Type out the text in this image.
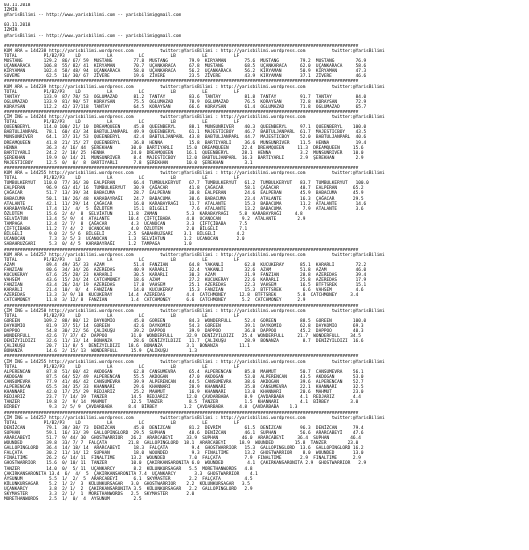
03.11.2018
İZMİR
@YarisBilimi -- http://www.yarisbilimi.com -- yarisbilimi@gmail.com
03.11.2018
İZMİR
@YarisBilimi -- http://www.yarisbilimi.com -- yarisbilimi@gmail.com
######################################################################################################################################
KUM ARA = 144238 http://yarisbilimi.wordpress.com          twitter:@YarisBilimi : http://yarisbilimi.wordpress.com          twitter:@YarisBilimi
TOTAL          P1/B2/P3    LD          LA          LC          LB          LE          LF
MUSTANG        129.2  86/ 67/ 59  MUSTANG        77.8  MUSTANG        79.9  KIRYAMAN       75.6  MUSTANG        79.2  MUSTANG        76.9
UÇANKARACA     106.8  55/ 82/ 41  KIRYAMAN       70.7  UÇANKARACA     67.8  MUSTANG        68.5  UÇANKARACA     62.0  UÇANKARACA     58.6
KIRYAMAN       102.4  58/ 48/ 94  UÇANKARACA     58.0  UÇANKARACA     56.2  UÇANKARACA     56.2  KIRYAMAN       50.9  KIRYAMAN       47.3
SUVEME          62.5  16/ 30/ 67  ZİVERE         19.6  ZİVERE         23.5  ZİVERE         43.9  KIRYAMAN       37.1  ZİVERE         46.6
######################################################################################################################################
KUM ARA = 144239 http://yarisbilimi.wordpress.com          twitter:@YarisBilimi : http://yarisbilimi.wordpress.com          twitter:@YarisBilimi
TOTAL          P1/B2/P3    LD          LA          LC          LB          LE          LF
TANTAY         133.9  87/ 78/ 53  OGLUMAZAD      81.2  TANTAY         83.6  TANTAY         81.8  TANTAY         91.7  TANTAY         84.0
OGLUMAZAD      133.9  81/ 90/ 57  KORAYSAN       75.5  OGLUMAZAD      78.9  OGLUMAZAD      76.5  KORAYSAN       72.8  KORAYSAN       72.9
KORAYSAN       112.2  42/ 37/118  TANTAY         64.5  KORAYSAN       66.6  KORAYSAN       61.4  OGLUMAZAD      71.8  OGLUMAZAD      65.7
######################################################################################################################################
ÇİM İNG = 144244 http://yarisbilimi.wordpress.com          twitter:@YarisBilimi : http://yarisbilimi.wordpress.com          twitter:@YarisBilimi
TOTAL          P1/B2/P3    LD          LA          LC          LB          LE          LF
QUEENBERYL     114.0 100/ 21/ 10  DREAMQUEEN     45.8  QUEENBERYL     88.1  MUNSUNRIVER    40.3  QUEENBERYL     97.1  QUEENBERYL    100.0
BABTULJANPARL   78.1  60/ 43/ 34  BABTULJANPARL  49.9  QUEENBERYL     61.1  MAJESTICBOY    46.7  BABTULJANPARL  61.7  MAJESTICBOY    43.5
MUNSUNRIVER     64.1  37/ 31/ 53  QUEENBERYL     42.4  BABTULJANPARL  43.8  BABTULJANPARL  44.7  MAJESTICBOY    52.0  BABTULJANPARL  40.6
DREAMQUEEN      41.8  21/ 15/ 27  QUEENBERYL     36.8  HENNA          15.8  BARTIYARLI     36.6  MUNSUNRIVER    11.5  HENNA          19.4
HENNA           36.3  4/ 16/ 44  ŞEREKHAN       30.0  BARTIYARLI     15.0  DREAMQUEEN     22.4  DREAMQUEEN     11.3  DREAMQUEEN     15.6
BARTIYARLI      24.2  2/ 18/ 25  HENNA          24.0  DREAMQUEEN     16.1  QUEENBERYL     28.1  HENNA           3.2  MUNSUNRIVER    10.0
ŞEREKHAN        19.9  0/ 14/ 21  MUNSUNRIVER     8.4  MAJESTICBOY    12.0  BABTULJANPARL  16.3  BARTIYARLI      2.9  ŞEREKHAN        2.9
MAJESTICBOY     12.5  0/  0/  8  BARTIYARLI      7.8  ŞEREKHAN       10.0  ŞEREKHAN        3.1
######################################################################################################################################
KUM ARA = 144255 http://yarisbilimi.wordpress.com          twitter:@YarisBilimi : http://yarisbilimi.wordpress.com          twitter:@YarisBilimi
TOTAL          P1/B2/P3    LD          LA          LC          LB          LE          LF
TUMBULKERYUT   110.0  77/ 36/ 30  EALPERAN       66.4  TUMBULKERYUT   67.7  TUMBULKERYUT   61.2  TUMBULKERYUT   83.7  TUMBULKERYUT   100.0
EALPERAN        96.9  63/ 41/ 16  TUMBULKERYUT   30.9  ÇAĞACAR        41.8  ÇAĞACAR        58.1  ÇAĞACAR        48.7  EALPERAN      65.2
ÇAĞACAR         51.7  13/ 39/ 34  BABACUMA       28.7  EALPERAN       38.8  EALPERAN       24.6  EALPERAN       45.9  BABACUMA      45.9
BABACUMA        50.1  10/ 26/ 48  KARABAYRAĞI    24.7  BABACUMA       30.6  BABACUMA       23.4  ATALANTE       16.3  ÇAĞACAR       29.5
ATALANTE        42.1  11/ 29/ 14  ÇAĞACAR        16.0  KARABAYRAĞI    11.7  ATALANTE       15.3  BABACUMA       11.2  ATALANTE       14.6
KARABAYRAĞI     17.4  12/  4/  5  ÖZLÜTEM        15.1  BİLGELİ         7.6  ATALANTE       13.2  BABACUMA        7.9  ATALANTE       3.6
ÖZLÜTEM         15.6  2/ 4/  8  SELVİATUN      11.8  ZAMAN           5.3  KARABAYRAĞI    5.8  KARABAYRAĞI     4.8
SELVİATUN       13.4  5/ 9/  4  ATALANTE       10.4  ÇİFTÇİBABA      4.8  UCANOCAN        9.2  ATALANTE        2.9
TAMPAGA         12.4  2/ 7/  8  ÇAĞACAR         4.3  UCANOCAN        3.3  ÇİFTÇİBABA     7.5
ÇİFTÇİBABA      11.2  7/ 4/  2  UCANOCAN        4.0  ÖZLÜTEM         2.0  BİLGELİ        7.1
BİLGELİ          9.0  2/ 5/ 6  BİLGELİ         2.5  SABAHRUZGARI    3.1  BİLGELİ        4.2
UCANOCAN         7.3  3/ 5/ 3  UCANOCAN        1.3  SELVİATUN       1.2  UCANOCAN       2.0
SABAHRUZGARI     5.3  0/ 4/ 5  KARABAYRAĞI     1.2  TAMPAGA         1.0
######################################################################################################################################
KUM ARA = 144257 http://yarisbilimi.wordpress.com          twitter:@YarisBilimi : http://yarisbilimi.wordpress.com          twitter:@YarisBilimi
TOTAL          P1/B2/P3    LD          LA          LC          LB          LE          LF
AZAM            89.4  49/ 35/ 33  AZAM           51.4  FANZIAN        64.8  YAKANLI        62.8  KUCUKERAY      85.1  KARARLI        72.2
FANZIAN         80.6  34/ 34/ 26  AZEREDAS       40.9  KARARLI        32.4  YAKANLI        32.6  AZAM           51.8  AZAM           46.0
KUCUKERAY       67.6  25/ 28/ 23  KARARLI        30.5  KARARLI        30.3  AZAM           31.9  FANZIAN        28.8  AZEREDAS       39.4
VAHSEM          43.6  15/ 24/ 24  CATCHMONEY     18.6  AZAM           27.2  KUCUKERAY      22.6  KARARLI        25.8  AZEREDAS       17.9
FANZIAN         43.4  26/ 24/ 19  AZEREDAS       17.8  VAHSEM         25.1  AZEREDAS       22.3  VAHSEM         16.5  BTFTSREK       15.1
KARARLI         21.4  10/  8/  4  FANZIAN        14.0  KUCUKERAY      15.3  FANZIAN        15.3  BTFTSREK        6.6  VAHSEM         4.6
AZEREDAS        13.3  3/ 9/ 10  KUCUKERAY      14.4  AZEREDAS        4.4  CATCHMONEY     12.8  BTFTSREK        5.8  CATCHMONEY     3.4
CATCHMONEY      11.8  3/ 12/ 8  FANZIAN         1.4  CATCHMONEY      6.6  CATCHMONEY      5.2  CATCHMONEY      2.9
######################################################################################################################################
ÇİM İNG = 144258 http://yarisbilimi.wordpress.com          twitter:@YarisBilimi : http://yarisbilimi.wordpress.com          twitter:@YarisBilimi
TOTAL          P1/B2/P3    LD          LA          LC          LB          LE          LF
GOREEN         109.2  88/ 80/ 12  DAYKOMIO       45.0  GOREEN         84.3  WONDERFULL     52.4  GOREEN         88.5  GOREEN        100.0
DAYKOMIO        81.9  37/ 51/ 14  GOREEN         42.6  DAYKOMIO       54.3  GOREEN         39.1  DAYKOMIO       62.8  DAYKOMIO      69.3
DAPPOO          54.8  30/ 22/ 56  ÇALIKUŞU       39.2  DAPPOO         39.9  DAPPOO         36.8  DAPPOO         45.2  DAPPOO        40.3
WONDERFULL      42.6  7/ 37/ 42  DAPPOO         31.0  WONDERFULL     32.9  DENİZYILDIZI   25.4  WONDERFULL     21.7  WONDERFULL    34.5
DENİZYILDIZI    32.6  11/ 13/ 14  BONANZA        28.6  DENİZYILDIZI   11.7  ÇALIKUŞU       28.9  BONANZA         8.7  DENİZYILDIZI  16.6
ÇALIKUŞU        20.7  11/ 8/ 5  DENİZYILDIZI   18.6  BONANZA         3.1  BONANZA        11.1
BONANZA         14.6  2/ 15/ 13  WONDERFULL     15.9  ÇALIKUŞU        1.3
######################################################################################################################################
ÇİM İNG = 144255 http://yarisbilimi.wordpress.com          twitter:@YarisBilimi : http://yarisbilimi.wordpress.com          twitter:@YarisBilimi
TOTAL          P1/B2/P3    LD          LA          LC          LB          LE          LF
ALPERENCAN      87.8  51/ 60/ 42  AKDOGAN        62.8  CANSUMEVRA     65.4  ALPERENCAN     85.8  MAHMUT         50.7  CANSUMEVRA    56.1
AKDOGAN         87.5  64/ 52/ 49  ALPERENCAN     55.5  AKDOGAN        47.0  AKDOGAN        53.0  ALPERENCAN     43.5  AKDOGAN       53.0
CANSUMEVRA      77.9  41/ 46/ 42  CANSUMEVRA     39.9  ALPERENCAN     44.5  CANSUMEVRA     38.6  AKDOGAN        39.6  ALPERENCAN    52.7
ALPERENCAN      65.5  34/ 35/ 33  KHANNARI       29.6  KHANNARI       28.9  KHANNARI       35.8  CANSUMEVRA     22.1  KHANNARI      32.5
KHANNARI        42.0  17/ 25/ 29  REDJARIZ       25.2  MAHMUT         16.9  KHANNARI       13.0  KHANNARI       20.6  MAHMUT        23.0
REDJARIZ        23.7  7/ 14/ 19  TANZER         14.5  REDJARIZ       12.0  ÇAVDARBABA      8.9  ÇAVDARBABA      4.1  REDJARIZ       4.4
TANZER          19.8  2/  9/ 14  MAHMUT         12.5  TANZER          8.5  TANZER          1.5  KHANNARI        4.1  BİRBEY        3.0
BİRBEY           9.3  2/ 5/ 9  ÇAVDARBABA      8.4  BİRBEY          1.2  ÇAVDARBABA      4.8  ÇAVDARBABA    1.3
######################################################################################################################################
ÇİM İNG = 144257 http://yarisbilimi.wordpress.com          twitter:@YarisBilimi : http://yarisbilimi.wordpress.com          twitter:@YarisBilimi
TOTAL          P1/B2/P3    LD          LA          LC          LB          LE          LF
DENİZCAN        79.1  38/ 38/ 73  DENİZCAN       45.0  DENİZCAN       81.2  DEVRİM         61.5  DENİZCAN       96.3  DENİZCAN      79.4
SUPHAN          59.1  16/ 33/ 39  GALLOPINGLORD  29.5  SUPHAN         48.6  DENİZCAN       46.1  SUPHAN         56.6  ARARCABEYİ    47.6
ARARCABEYİ      51.7  9/ 44/ 30  GHOSTWARRIOR   26.2  ARARCABEYİ     33.9  SUPHAN         46.0  ARARCABEYİ     36.4  SUPHAN        46.4
WOUNDED         39.8  33/ 7/ 7  FALÇATA        21.8  GALLOPINGLORD  18.1  ARARCABEYİ     18.9  WOUNDED        15.8  TANZER        23.0
GALLOPINGLORD   36.4  14/ 18/ 14  ARARCABEYİ     18.3  FALÇATA         9.4  GHOSTWARRIOR   15.3  GALLOPINGLORD  13.6  GALLOPINGLORD 16.2
FALÇATA         30.2  11/ 14/ 12  SUPHAN         18.0  WOUNDED         9.3  FINALTIME      13.2  GHOSTWARRIOR    8.0  WOUNDED       13.0
FINALTIME       26.2  6/ 14/ 11  FINALTIME      13.2  WOUNDED         7.0  FALÇATA         7.9  FINALTIME       2.9  FINALTIME      2.9
GHOSTWARRIOR    15.6  0/ 10/ 11  TANZER         10.0  ÇAKIRKANSARONITA 6.0  WOUNDED         4.1  ÇAKIRKANSARONITA 2.9  GHOSTWARRIOR   2.9
TANZER          14.0  0/  5/ 11  UÇANKARCY       8.2  KÜLUNKURSAGAR   5.5  MORETHANWORDS   4.8
ÇAKIRKANSARONITA 13.4  6/  4/  5  ÇAKIRKANSARONITA 7.4  UÇANKARCY       3.3  GHOSTWARRIOR    4.1
AYSUNUM          5.5  1/  2/  5  ARARCABEYİ      6.1  SKYMASTER       2.2  FALÇATA         4.5
KÜLUNKURSAGAR    5.2  1/ 2/  3  KÜLUNKURSAGAR   3.0  GHOSTWARRIOR    2.2  KÜLUNKURSAGAR   3.5
UÇANKARCY        3.8  2/ 1/  2  ÇAKIRKANSARONITA 3.5  KÜLUNKURSAGAR   2.2  GALLOPINGLORD   2.9
SKYMASTER        3.3  2/ 1/  1  MORETHANWORDS   2.5  SKYMASTER       2.0
MORETHANWORDS    2.5  1/  0/  4  AYSUNUM         2.5
